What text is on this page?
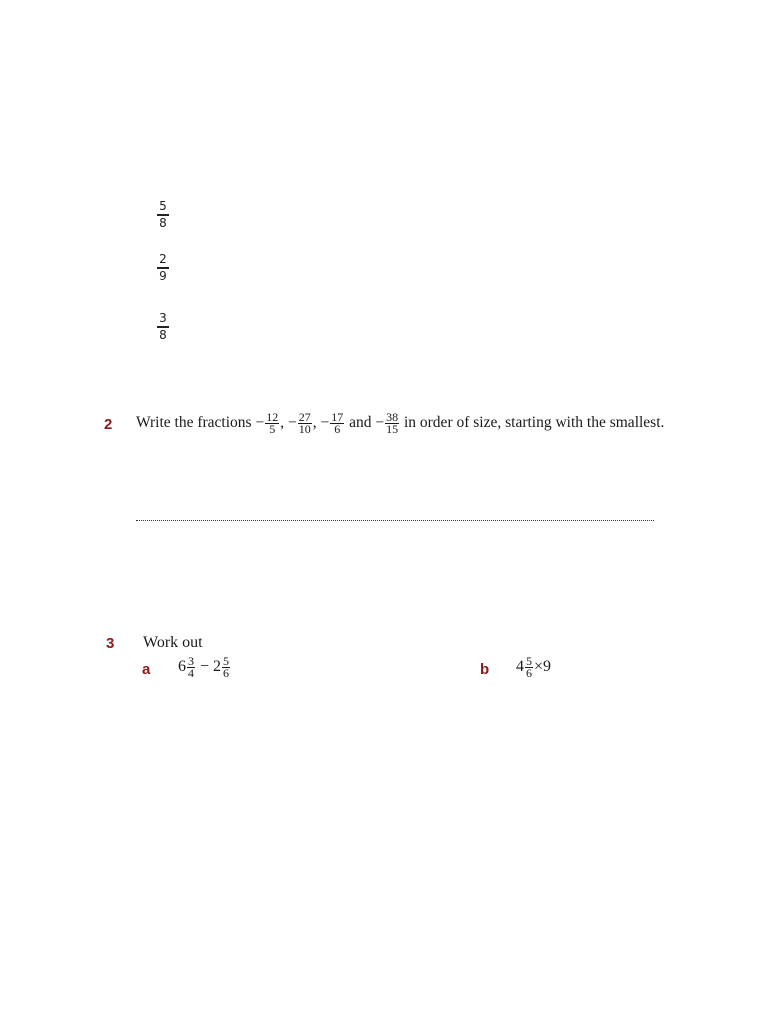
5
8
2
9
3
8
2 Write the fractions − $\frac{12}{5}$ , − $\frac{27}{10}$ , − $\frac{17}{6}$ and − $\frac{38}{15}$ in order of size, starting with the smallest.
3 Work out
a $6 \frac{3}{4} - 2 \frac{5}{6}$	b $4 \frac{5}{6} \times 9$
